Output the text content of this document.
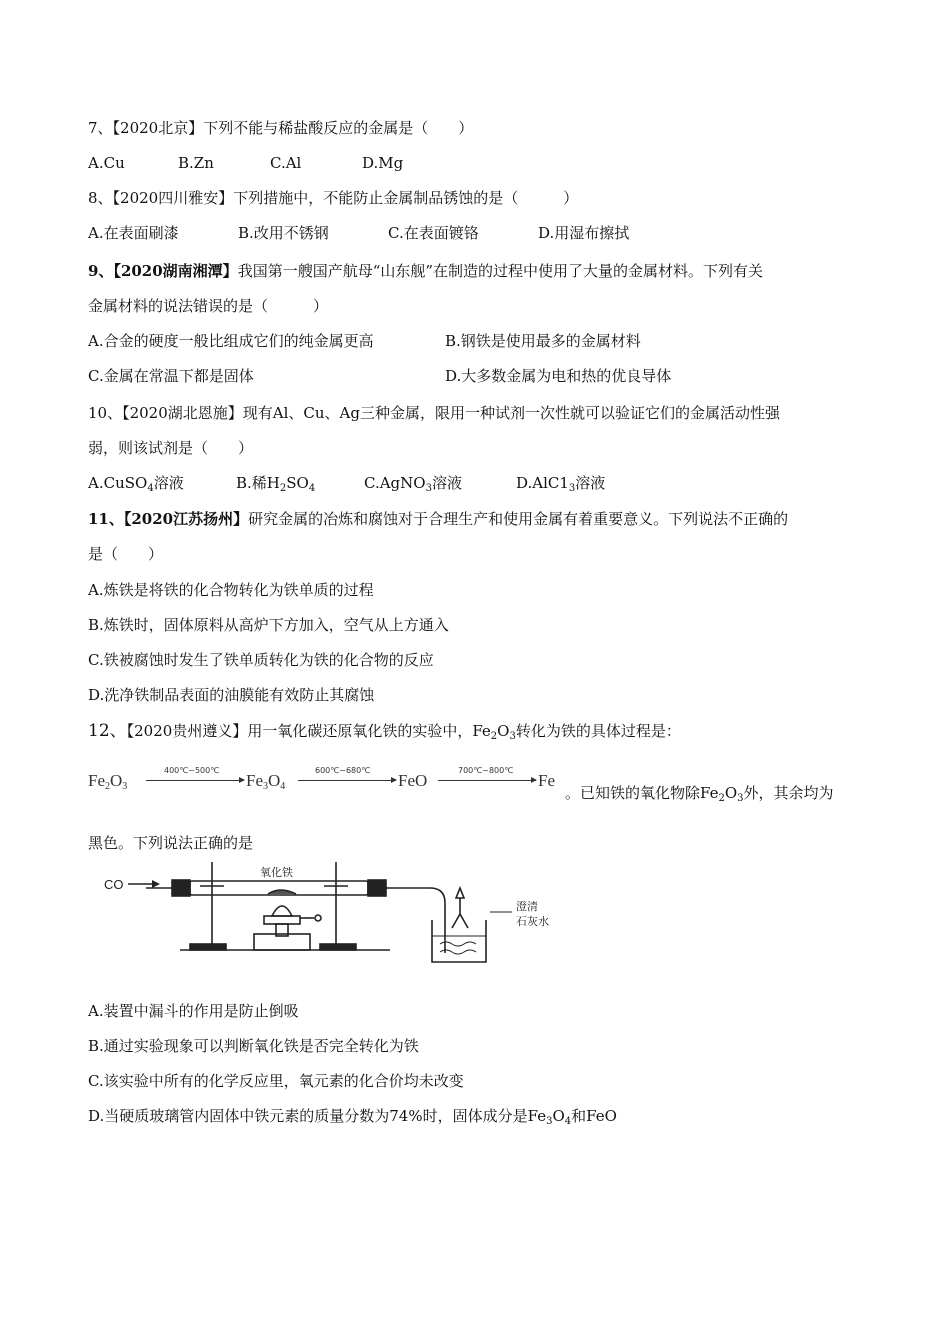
7、【2020北京】下列不能与稀盐酸反应的金属是（　　）
A.Cu	B.Zn	C.Al	D.Mg
8、【2020四川雅安】下列措施中，不能防止金属制品锈蚀的是（　　　）
A.在表面刷漆	B.改用不锈钢	C.在表面镀铬	D.用湿布擦拭
9、【2020湖南湘潭】我国第一艘国产航母“山东舰”在制造的过程中使用了大量的金属材料。下列有关
金属材料的说法错误的是（　　　）
A.合金的硬度一般比组成它们的纯金属更高	B.钢铁是使用最多的金属材料
C.金属在常温下都是固体	D.大多数金属为电和热的优良导体
10、【2020湖北恩施】现有Al、Cu、Ag三种金属，限用一种试剂一次性就可以验证它们的金属活动性强
弱，则该试剂是（　　）
A.CuSO$_4$溶液	B.稀$H_2SO_4$	C.AgNO$_3$溶液	$D.AlC1_3$溶液
11、【2020江苏扬州】研究金属的冶炼和腐蚀对于合理生产和使用金属有着重要意义。下列说法不正确的
是（　　）
A.炼铁是将铁的化合物转化为铁单质的过程
B.炼铁时，固体原料从高炉下方加入，空气从上方通入
C.铁被腐蚀时发生了铁单质转化为铁的化合物的反应
D.洗净铁制品表面的油膜能有效防止其腐蚀
12、【2020贵州遵义】用一氧化碳还原氧化铁的实验中，$Fe_2O_3$转化为铁的具体过程是：
$Fe_2O_3$
400℃~500℃
$Fe_3O_4$
600℃~680℃
FeO
700℃~800℃
Fe
。已知铁的氧化物除$Fe_2O_3$外，其余均为
黑色。下列说法正确的是
CO
氧化铁
澄清
石灰水
A.装置中漏斗的作用是防止倒吸
B.通过实验现象可以判断氧化铁是否完全转化为铁
C.该实验中所有的化学反应里，氧元素的化合价均未改变
D.当硬质玻璃管内固体中铁元素的质量分数为74%时，固体成分是$Fe_3O_4$和FeO
